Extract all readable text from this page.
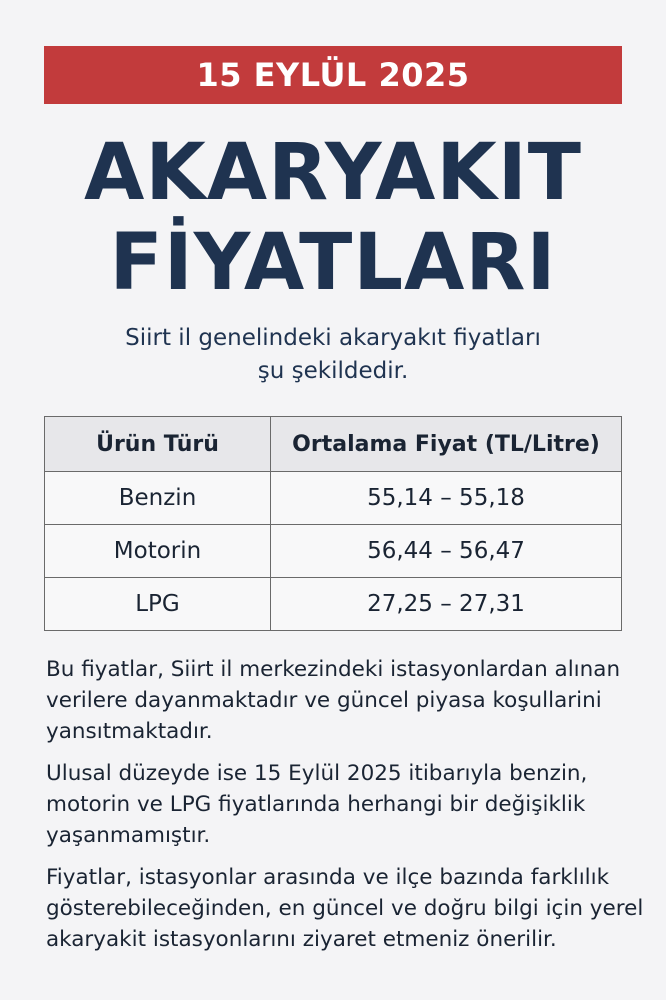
15 EYLÜL 2025
AKARYAKIT
FİYATLARI
Siirt il genelindeki akaryakıt fiyatları
şu şekildedir.
Ürün Türü	Ortalama Fiyat (TL/Litre)
Benzin	55,14 – 55,18
Motorin	56,44 – 56,47
LPG	27,25 – 27,31

Bu fiyatlar, Siirt il merkezindeki istasyonlardan alınan verilere dayanmaktadır ve güncel piyasa koşullarini yansıtmaktadır.

Ulusal düzeyde ise 15 Eylül 2025 itibarıyla benzin, motorin ve LPG fiyatlarında herhangi bir değişiklik yaşanmamıştır.

Fiyatlar, istasyonlar arasında ve ilçe bazında farklılık gösterebileceğinden, en güncel ve doğru bilgi için yerel akaryakit istasyonlarını ziyaret etmeniz önerilir.
